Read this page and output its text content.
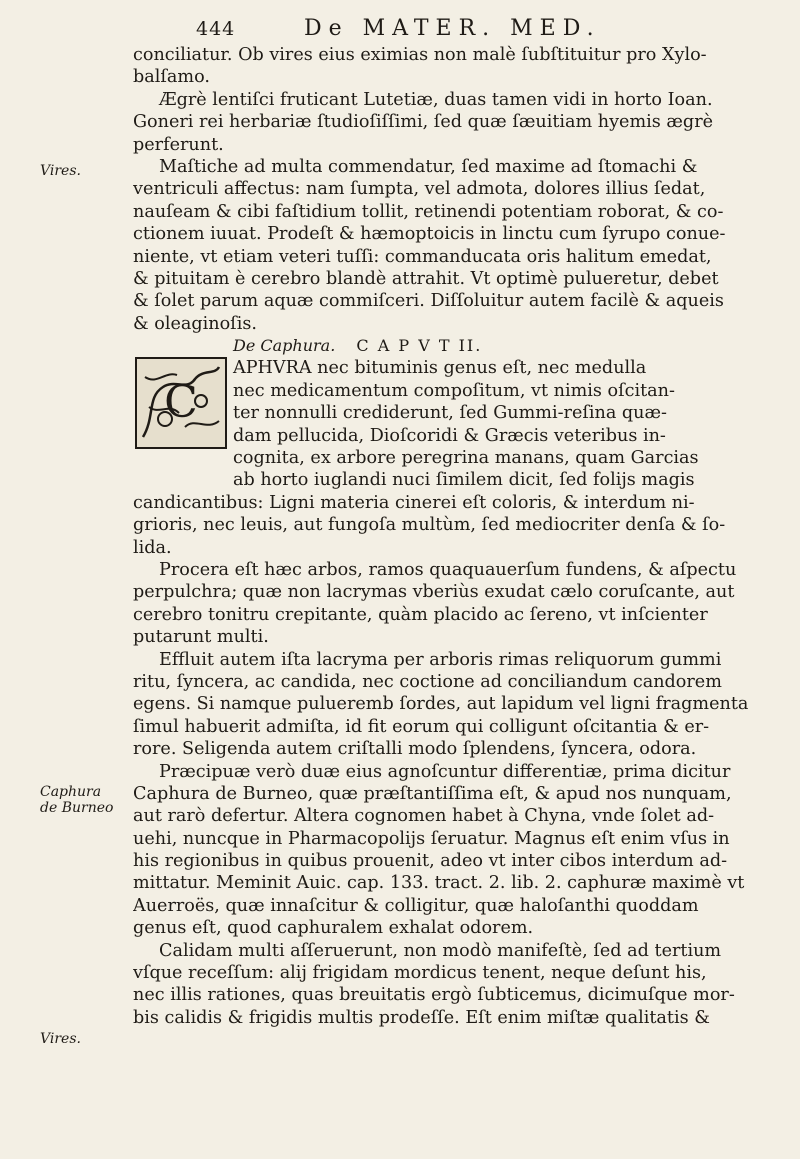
444	De MATER. MED.
Vires.
Caphura
de Burneo
Vires.
C
conciliatur. Ob vires eius eximias non malè ſubſtituitur pro Xylo-
balſamo.
Ægrè lentiſci fruticant Lutetiæ, duas tamen vidi in horto Ioan.
Goneri rei herbariæ ſtudioſiſſimi, ſed quæ ſæuitiam hyemis ægrè
perferunt.
Maſtiche ad multa commendatur, ſed maxime ad ſtomachi &
ventriculi affectus: nam ſumpta, vel admota, dolores illius ſedat,
nauſeam & cibi faſtidium tollit, retinendi potentiam roborat, & co-
ctionem iuuat. Prodeſt & hæmoptoicis in linctu cum ſyrupo conue-
niente, vt etiam veteri tuſſi: commanducata oris halitum emedat,
& pituitam è cerebro blandè attrahit. Vt optimè pulueretur, debet
& ſolet parum aquæ commiſceri. Diſſoluitur autem facilè & aqueis
& oleaginoſis.
De Caphura. C A P V T II.
APHVRA nec bituminis genus eſt, nec medulla
nec medicamentum compoſitum, vt nimis oſcitan-
ter nonnulli crediderunt, ſed Gummi-reſina quæ-
dam pellucida, Dioſcoridi & Græcis veteribus in-
cognita, ex arbore peregrina manans, quam Garcias
ab horto iuglandi nuci ſimilem dicit, ſed folijs magis
candicantibus: Ligni materia cinerei eſt coloris, & interdum ni-
grioris, nec leuis, aut fungoſa multùm, ſed mediocriter denſa & ſo-
lida.
Procera eſt hæc arbos, ramos quaquauerſum fundens, & aſpectu
perpulchra; quæ non lacrymas vberiùs exudat cælo coruſcante, aut
cerebro tonitru crepitante, quàm placido ac ſereno, vt inſcienter
putarunt multi.
Effluit autem iſta lacryma per arboris rimas reliquorum gummi
ritu, ſyncera, ac candida, nec coctione ad conciliandum candorem
egens. Si namque pulueremb ſordes, aut lapidum vel ligni fragmenta
ſimul habuerit admiſta, id fit eorum qui colligunt oſcitantia & er-
rore. Seligenda autem criſtalli modo ſplendens, ſyncera, odora.
Præcipuæ verò duæ eius agnoſcuntur differentiæ, prima dicitur
Caphura de Burneo, quæ præſtantiſſima eſt, & apud nos nunquam,
aut rarò defertur. Altera cognomen habet à Chyna, vnde ſolet ad-
uehi, nuncque in Pharmacopolijs ſeruatur. Magnus eſt enim vſus in
his regionibus in quibus prouenit, adeo vt inter cibos interdum ad-
mittatur. Meminit Auic. cap. 133. tract. 2. lib. 2. caphuræ maximè vt
Auerroës, quæ innaſcitur & colligitur, quæ haloſanthi quoddam
genus eſt, quod caphuralem exhalat odorem.
Calidam multi aſſeruerunt, non modò manifeſtè, ſed ad tertium
vſque receſſum: alij frigidam mordicus tenent, neque deſunt his,
nec illis rationes, quas breuitatis ergò ſubticemus, dicimuſque mor-
bis calidis & frigidis multis prodeſſe. Eſt enim miſtæ qualitatis &
